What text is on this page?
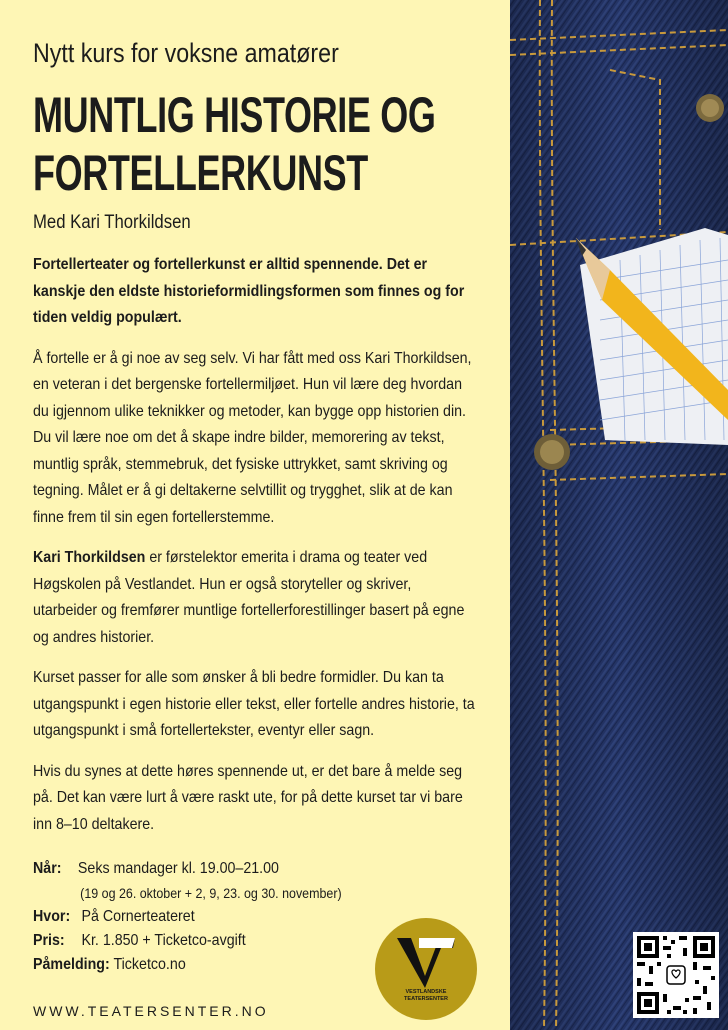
Nytt kurs for voksne amatører
MUNTLIG HISTORIE OG
FORTELLERKUNST
Med Kari Thorkildsen

Fortellerteater og fortellerkunst er alltid spennende. Det er kanskje den eldste historieformidlingsformen som finnes og for tiden veldig populært.

Å fortelle er å gi noe av seg selv. Vi har fått med oss Kari Thorkildsen, en veteran i det bergenske fortellermiljøet. Hun vil lære deg hvordan du igjennom ulike teknikker og metoder, kan bygge opp historien din. Du vil lære noe om det å skape indre bilder, memorering av tekst, muntlig språk, stemmebruk, det fysiske uttrykket, samt skriving og tegning. Målet er å gi deltakerne selvtillit og trygghet, slik at de kan finne frem til sin egen fortellerstemme.

Kari Thorkildsen er førstelektor emerita i drama og teater ved Høgskolen på Vestlandet. Hun er også storyteller og skriver, utarbeider og fremfører muntlige fortellerforestillinger basert på egne og andres historier.

Kurset passer for alle som ønsker å bli bedre formidler. Du kan ta utgangspunkt i egen historie eller tekst, eller fortelle andres historie, ta utgangspunkt i små fortellertekster, eventyr eller sagn.

Hvis du synes at dette høres spennende ut, er det bare å melde seg på. Det kan være lurt å være raskt ute, for på dette kurset tar vi bare inn 8–10 deltakere.

Når: Seks mandager kl. 19.00–21.00
(19 og 26. oktober + 2, 9, 23. og 30. november)
Hvor: På Cornerteateret
Pris: Kr. 1.850 + Ticketco-avgift
Påmelding: Ticketco.no
WWW.TEATERSENTER.NO
VESTLANDSKE
TEATERSENTER
